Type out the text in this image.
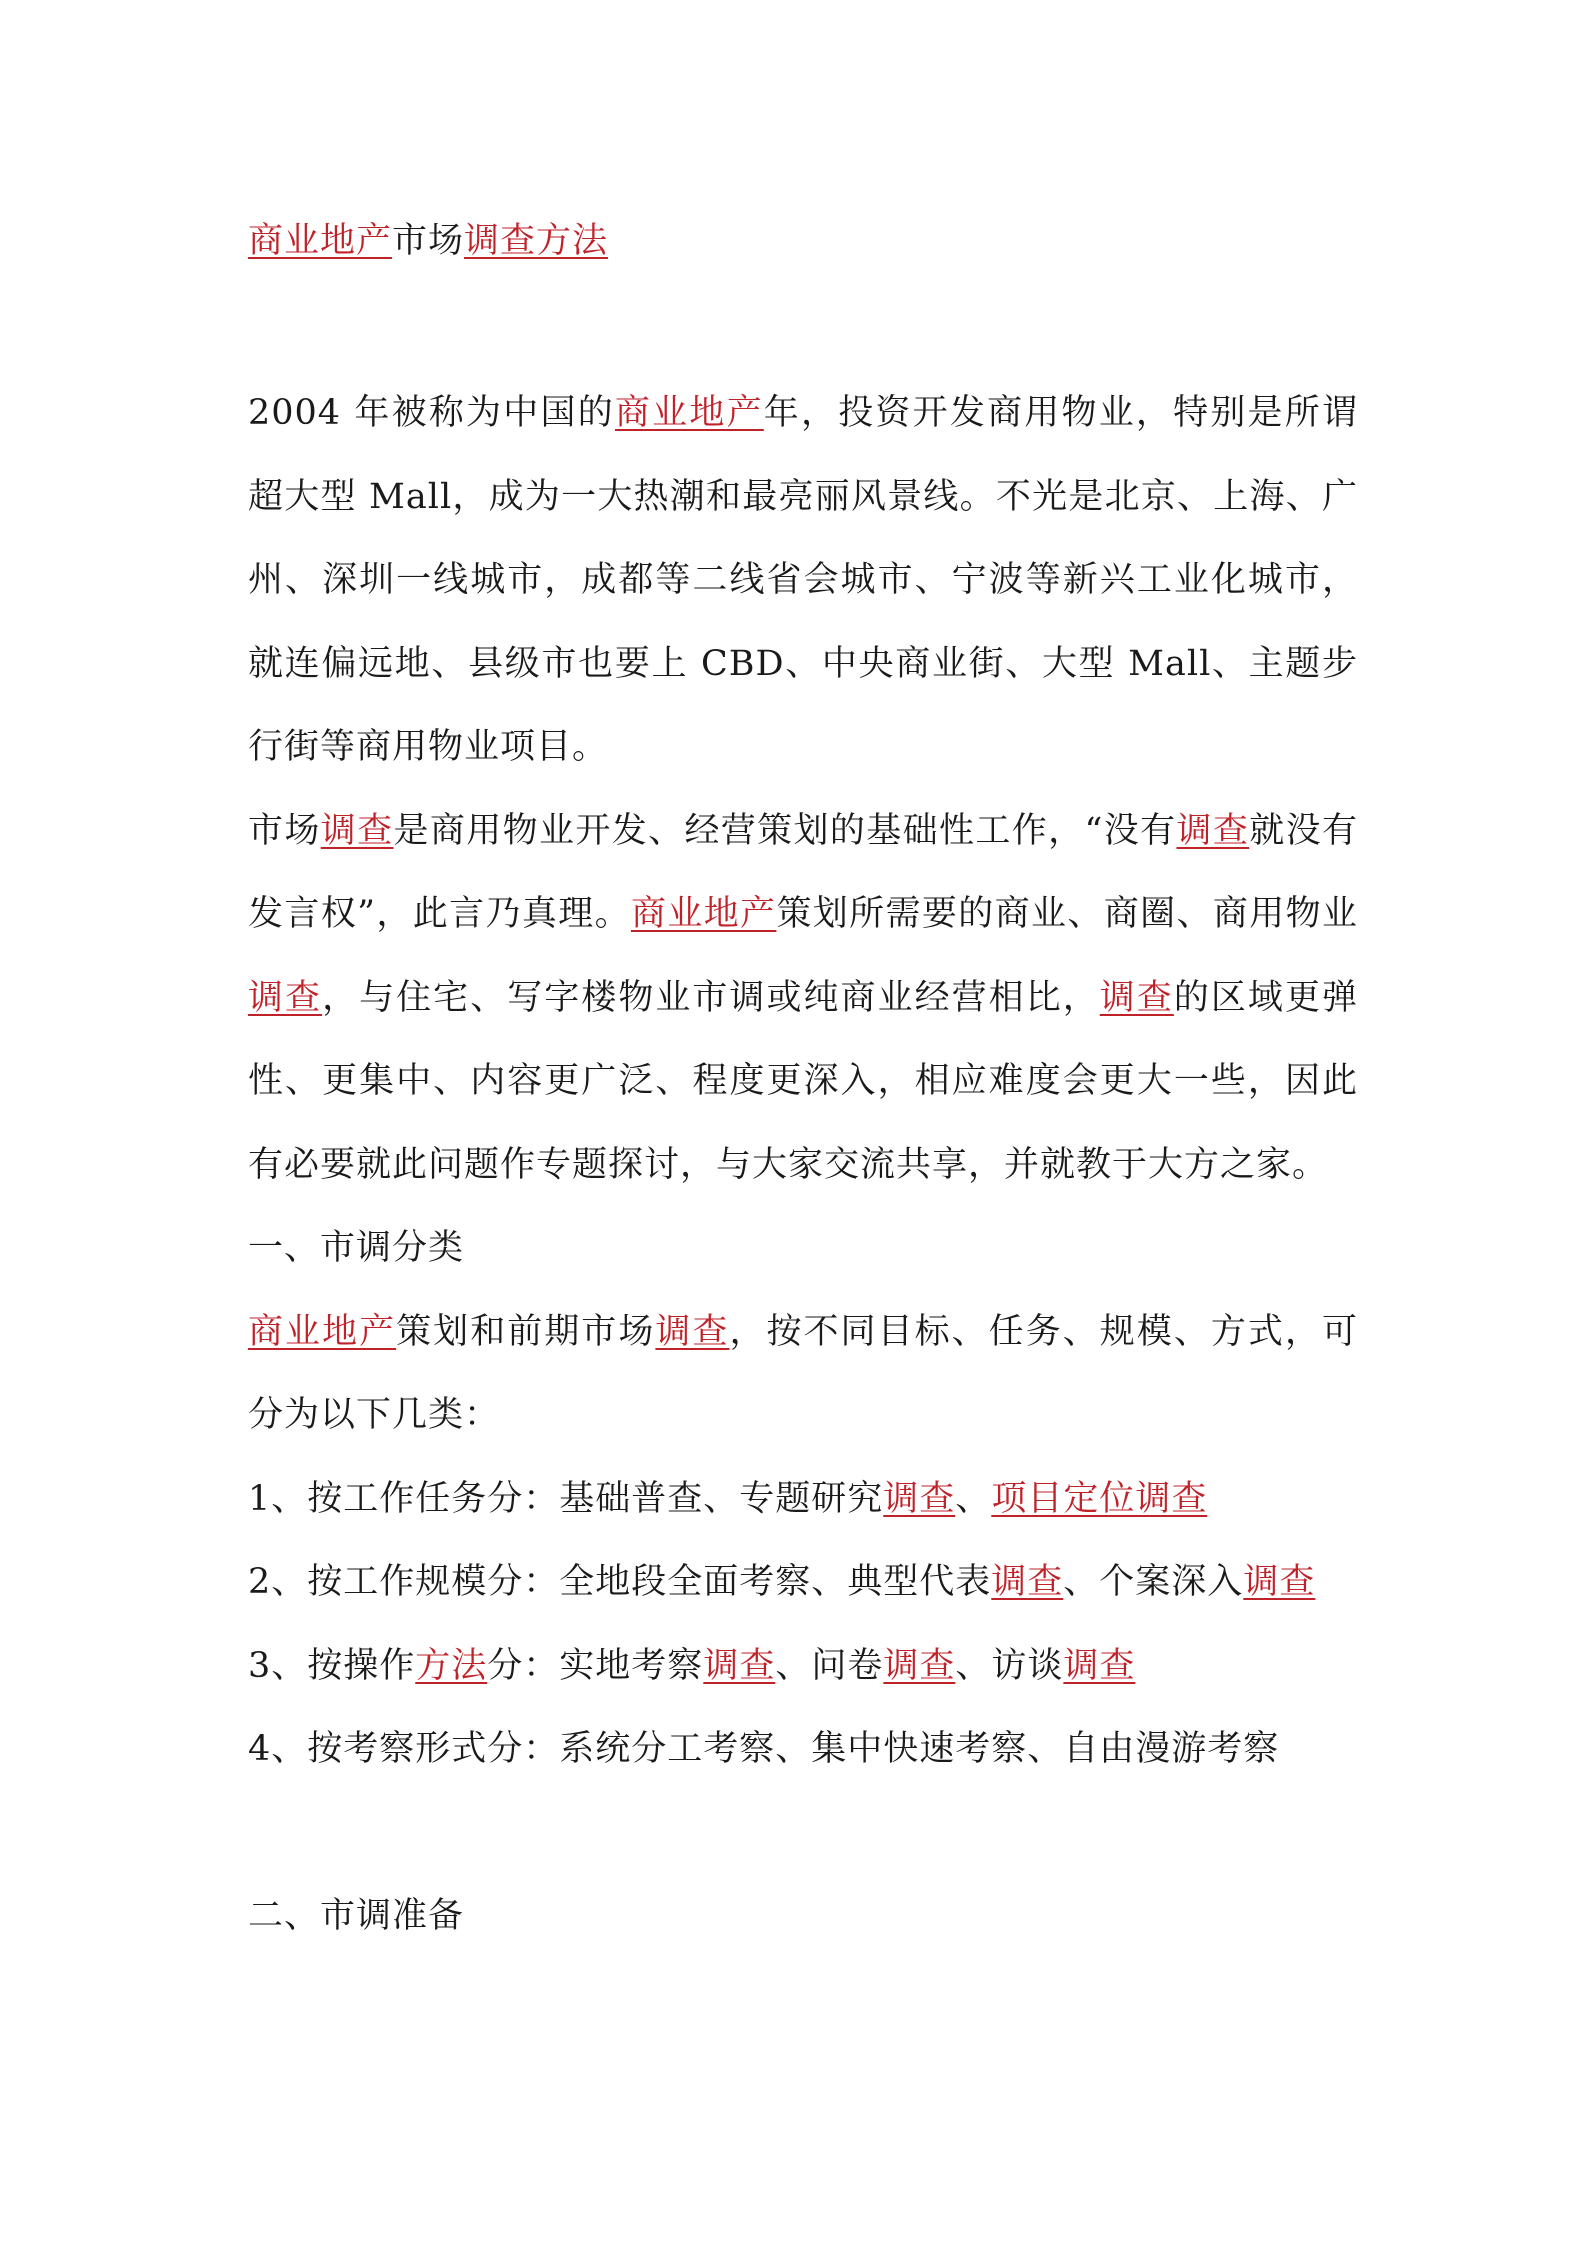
商业地产市场调查方法

2004 年被称为中国的商业地产年，投资开发商用物业，特别是所谓超大型 Mall，成为一大热潮和最亮丽风景线。不光是北京、上海、广州、深圳一线城市，成都等二线省会城市、宁波等新兴工业化城市，就连偏远地、县级市也要上 CBD、中央商业街、大型 Mall、主题步行街等商用物业项目。

市场调查是商用物业开发、经营策划的基础性工作，“没有调查就没有发言权”，此言乃真理。商业地产策划所需要的商业、商圈、商用物业调查，与住宅、写字楼物业市调或纯商业经营相比，调查的区域更弹性、更集中、内容更广泛、程度更深入，相应难度会更大一些，因此有必要就此问题作专题探讨，与大家交流共享，并就教于大方之家。

一、市调分类

商业地产策划和前期市场调查，按不同目标、任务、规模、方式，可分为以下几类：

1、按工作任务分：基础普查、专题研究调查、项目定位调查
2、按工作规模分：全地段全面考察、典型代表调查、个案深入调查
3、按操作方法分：实地考察调查、问卷调查、访谈调查
4、按考察形式分：系统分工考察、集中快速考察、自由漫游考察
二、市调准备
